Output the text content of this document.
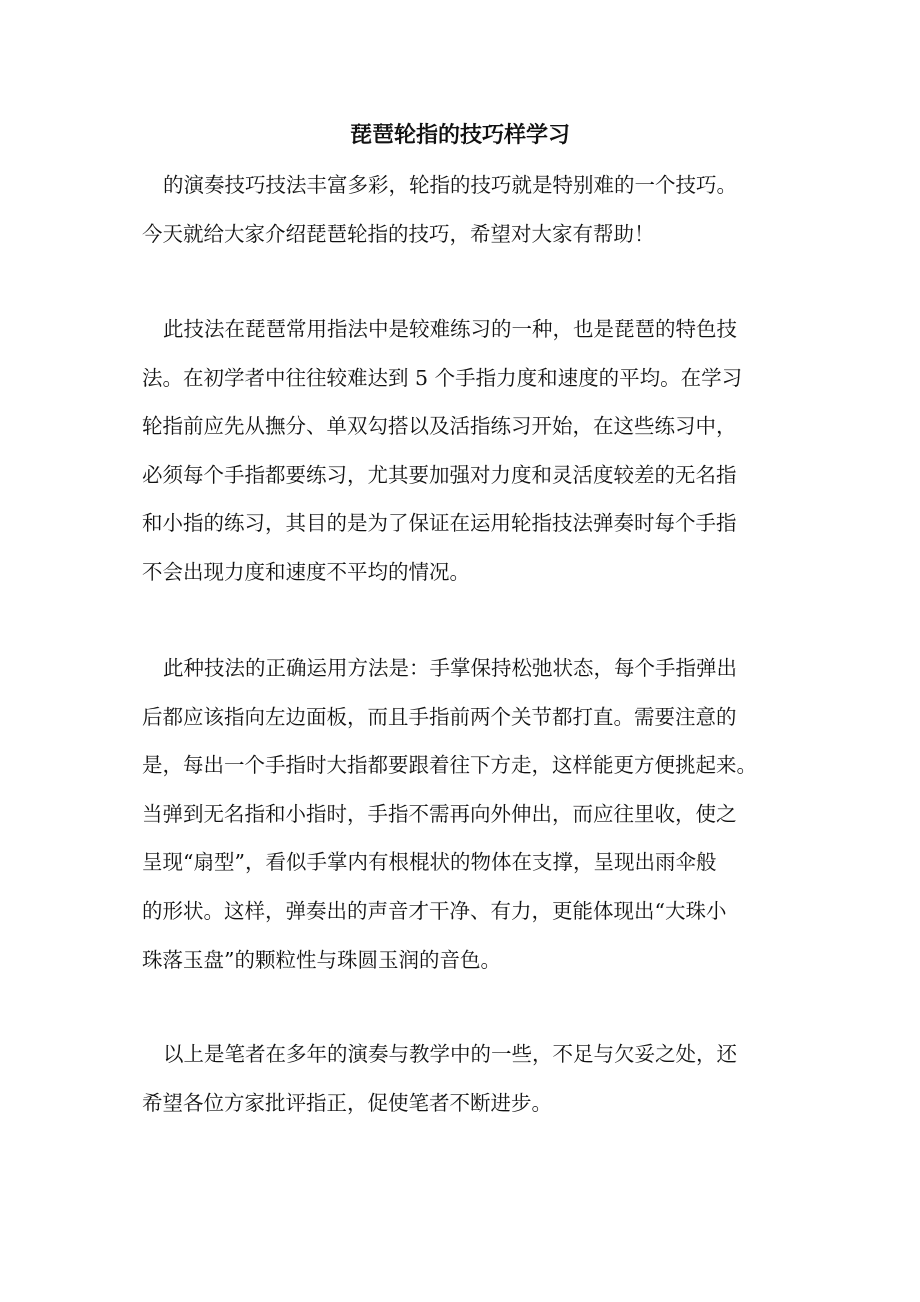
琵琶轮指的技巧样学习
的演奏技巧技法丰富多彩，轮指的技巧就是特别难的一个技巧。
今天就给大家介绍琵琶轮指的技巧，希望对大家有帮助！
此技法在琵琶常用指法中是较难练习的一种，也是琵琶的特色技
法。在初学者中往往较难达到 5 个手指力度和速度的平均。在学习
轮指前应先从撫分、单双勾搭以及活指练习开始，在这些练习中，
必须每个手指都要练习，尤其要加强对力度和灵活度较差的无名指
和小指的练习，其目的是为了保证在运用轮指技法弹奏时每个手指
不会出现力度和速度不平均的情况。
此种技法的正确运用方法是：手掌保持松弛状态，每个手指弹出
后都应该指向左边面板，而且手指前两个关节都打直。需要注意的
是，每出一个手指时大指都要跟着往下方走，这样能更方便挑起来。
当弹到无名指和小指时，手指不需再向外伸出，而应往里收，使之
呈现“扇型”，看似手掌内有根棍状的物体在支撑，呈现出雨伞般
的形状。这样，弹奏出的声音才干净、有力，更能体现出“大珠小
珠落玉盘”的颗粒性与珠圆玉润的音色。
以上是笔者在多年的演奏与教学中的一些，不足与欠妥之处，还
希望各位方家批评指正，促使笔者不断进步。
